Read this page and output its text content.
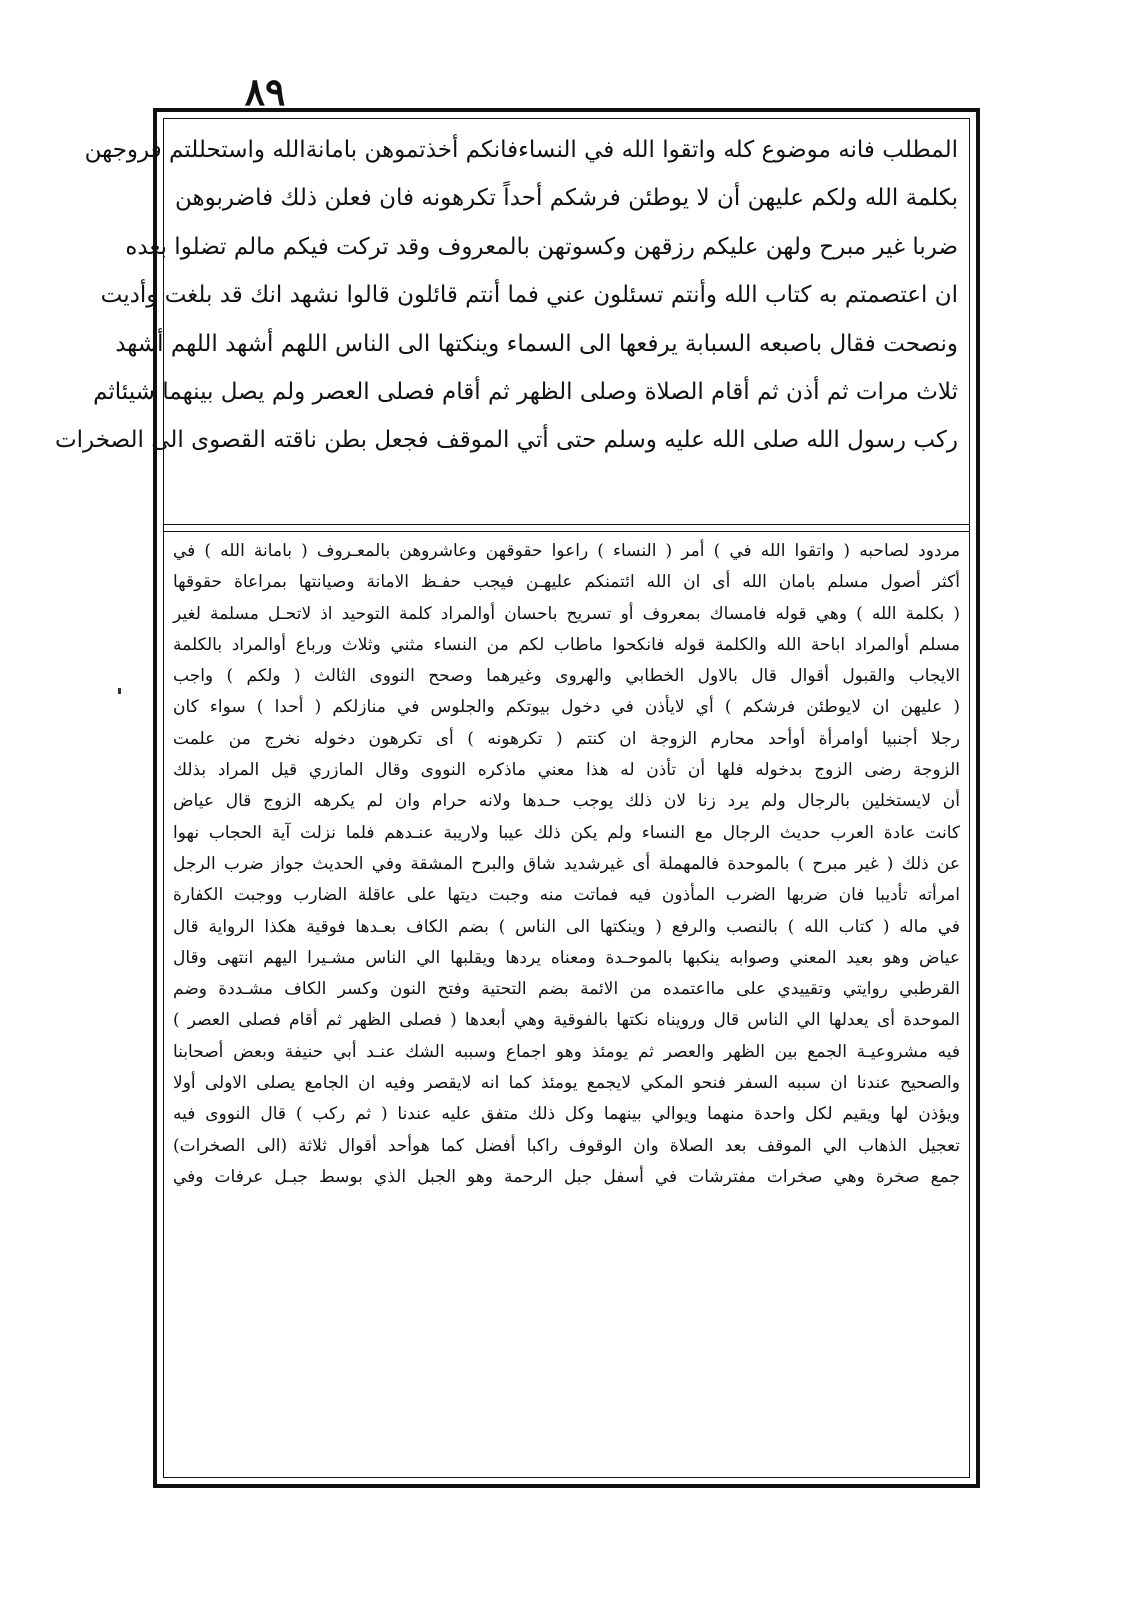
٨٩
المطلب فانه موضوع كله واتقوا الله في النساءفانكم أخذتموهن بامانةالله واستحللتم فروجهن
بكلمة الله ولكم عليهن أن لا يوطئن فرشكم أحداً تكرهونه فان فعلن ذلك فاضربوهن
ضربا غير مبرح ولهن عليكم رزقهن وكسوتهن بالمعروف وقد تركت فيكم مالم تضلوا بعده
ان اعتصمتم به كتاب الله وأنتم تسئلون عني فما أنتم قائلون قالوا نشهد انك قد بلغت وأديت
ونصحت فقال باصبعه السبابة يرفعها الى السماء وينكتها الى الناس اللهم أشهد اللهم أشهد
ثلاث مرات ثم أذن ثم أقام الصلاة وصلى الظهر ثم أقام فصلى العصر ولم يصل بينهما شيئاثم
ركب رسول الله صلى الله عليه وسلم حتى أتي الموقف فجعل بطن ناقته القصوى الى الصخرات
مردود لصاحبه ( واتقوا الله في ) أمر ( النساء ) راعوا حقوقهن وعاشروهن بالمعـروف ( بامانة الله ) في
أكثر أصول مسلم بامان الله أى ان الله ائتمنكم عليهـن فيجب حفـظ الامانة وصيانتها بمراعاة حقوقها
( بكلمة الله ) وهي قوله فامساك بمعروف أو تسريح باحسان أوالمراد كلمة التوحيد اذ لاتحـل مسلمة لغير
مسلم أوالمراد اباحة الله والكلمة قوله فانكحوا ماطاب لكم من النساء مثني وثلاث ورباع أوالمراد بالكلمة
الايجاب والقبول أقوال قال بالاول الخطابي والهروى وغيرهما وصحح النووى الثالث ( ولكم ) واجب
( عليهن ان لايوطئن فرشكم ) أي لايأذن في دخول بيوتكم والجلوس في منازلكم ( أحدا ) سواء كان
رجلا أجنبيا أوامرأة أوأحد محارم الزوجة ان كنتم ( تكرهونه ) أى تكرهون دخوله نخرج من علمت
الزوجة رضى الزوج بدخوله فلها أن تأذن له هذا معني ماذكره النووى وقال المازري قيل المراد بذلك
أن لايستخلين بالرجال ولم يرد زنا لان ذلك يوجب حـدها ولانه حرام وان لم يكرهه الزوج قال عياض
كانت عادة العرب حديث الرجال مع النساء ولم يكن ذلك عيبا ولاريبة عنـدهم فلما نزلت آية الحجاب نهوا
عن ذلك ( غير مبرح ) بالموحدة فالمهملة أى غيرشديد شاق والبرح المشقة وفي الحديث جواز ضرب الرجل
امرأته تأديبا فان ضربها الضرب المأذون فيه فماتت منه وجبت ديتها على عاقلة الضارب ووجبت الكفارة
في ماله ( كتاب الله ) بالنصب والرفع ( وينكتها الى الناس ) بضم الكاف بعـدها فوقية هكذا الرواية قال
عياض وهو بعيد المعني وصوابه ينكبها بالموحـدة ومعناه يردها ويقلبها الي الناس مشـيرا اليهم انتهى وقال
القرطبي روايتي وتقييدي على مااعتمده من الائمة بضم التحتية وفتح النون وكسر الكاف مشـددة وضم
الموحدة أى يعدلها الي الناس قال ورويناه نكتها بالفوقية وهي أبعدها ( فصلى الظهر ثم أقام فصلى العصر )
فيه مشروعيـة الجمع بين الظهر والعصر ثم يومئذ وهو اجماع وسببه الشك عنـد أبي حنيفة وبعض أصحابنا
والصحيح عندنا ان سببه السفر فنحو المكي لايجمع يومئذ كما انه لايقصر وفيه ان الجامع يصلى الاولى أولا
ويؤذن لها ويقيم لكل واحدة منهما ويوالي بينهما وكل ذلك متفق عليه عندنا ( ثم ركب ) قال النووى فيه
تعجيل الذهاب الي الموقف بعد الصلاة وان الوقوف راكبا أفضل كما هوأحد أقوال ثلاثة (الى الصخرات)
جمع صخرة وهي صخرات مفترشات في أسفل جبل الرحمة وهو الجبل الذي بوسط جبـل عرفات وفي
